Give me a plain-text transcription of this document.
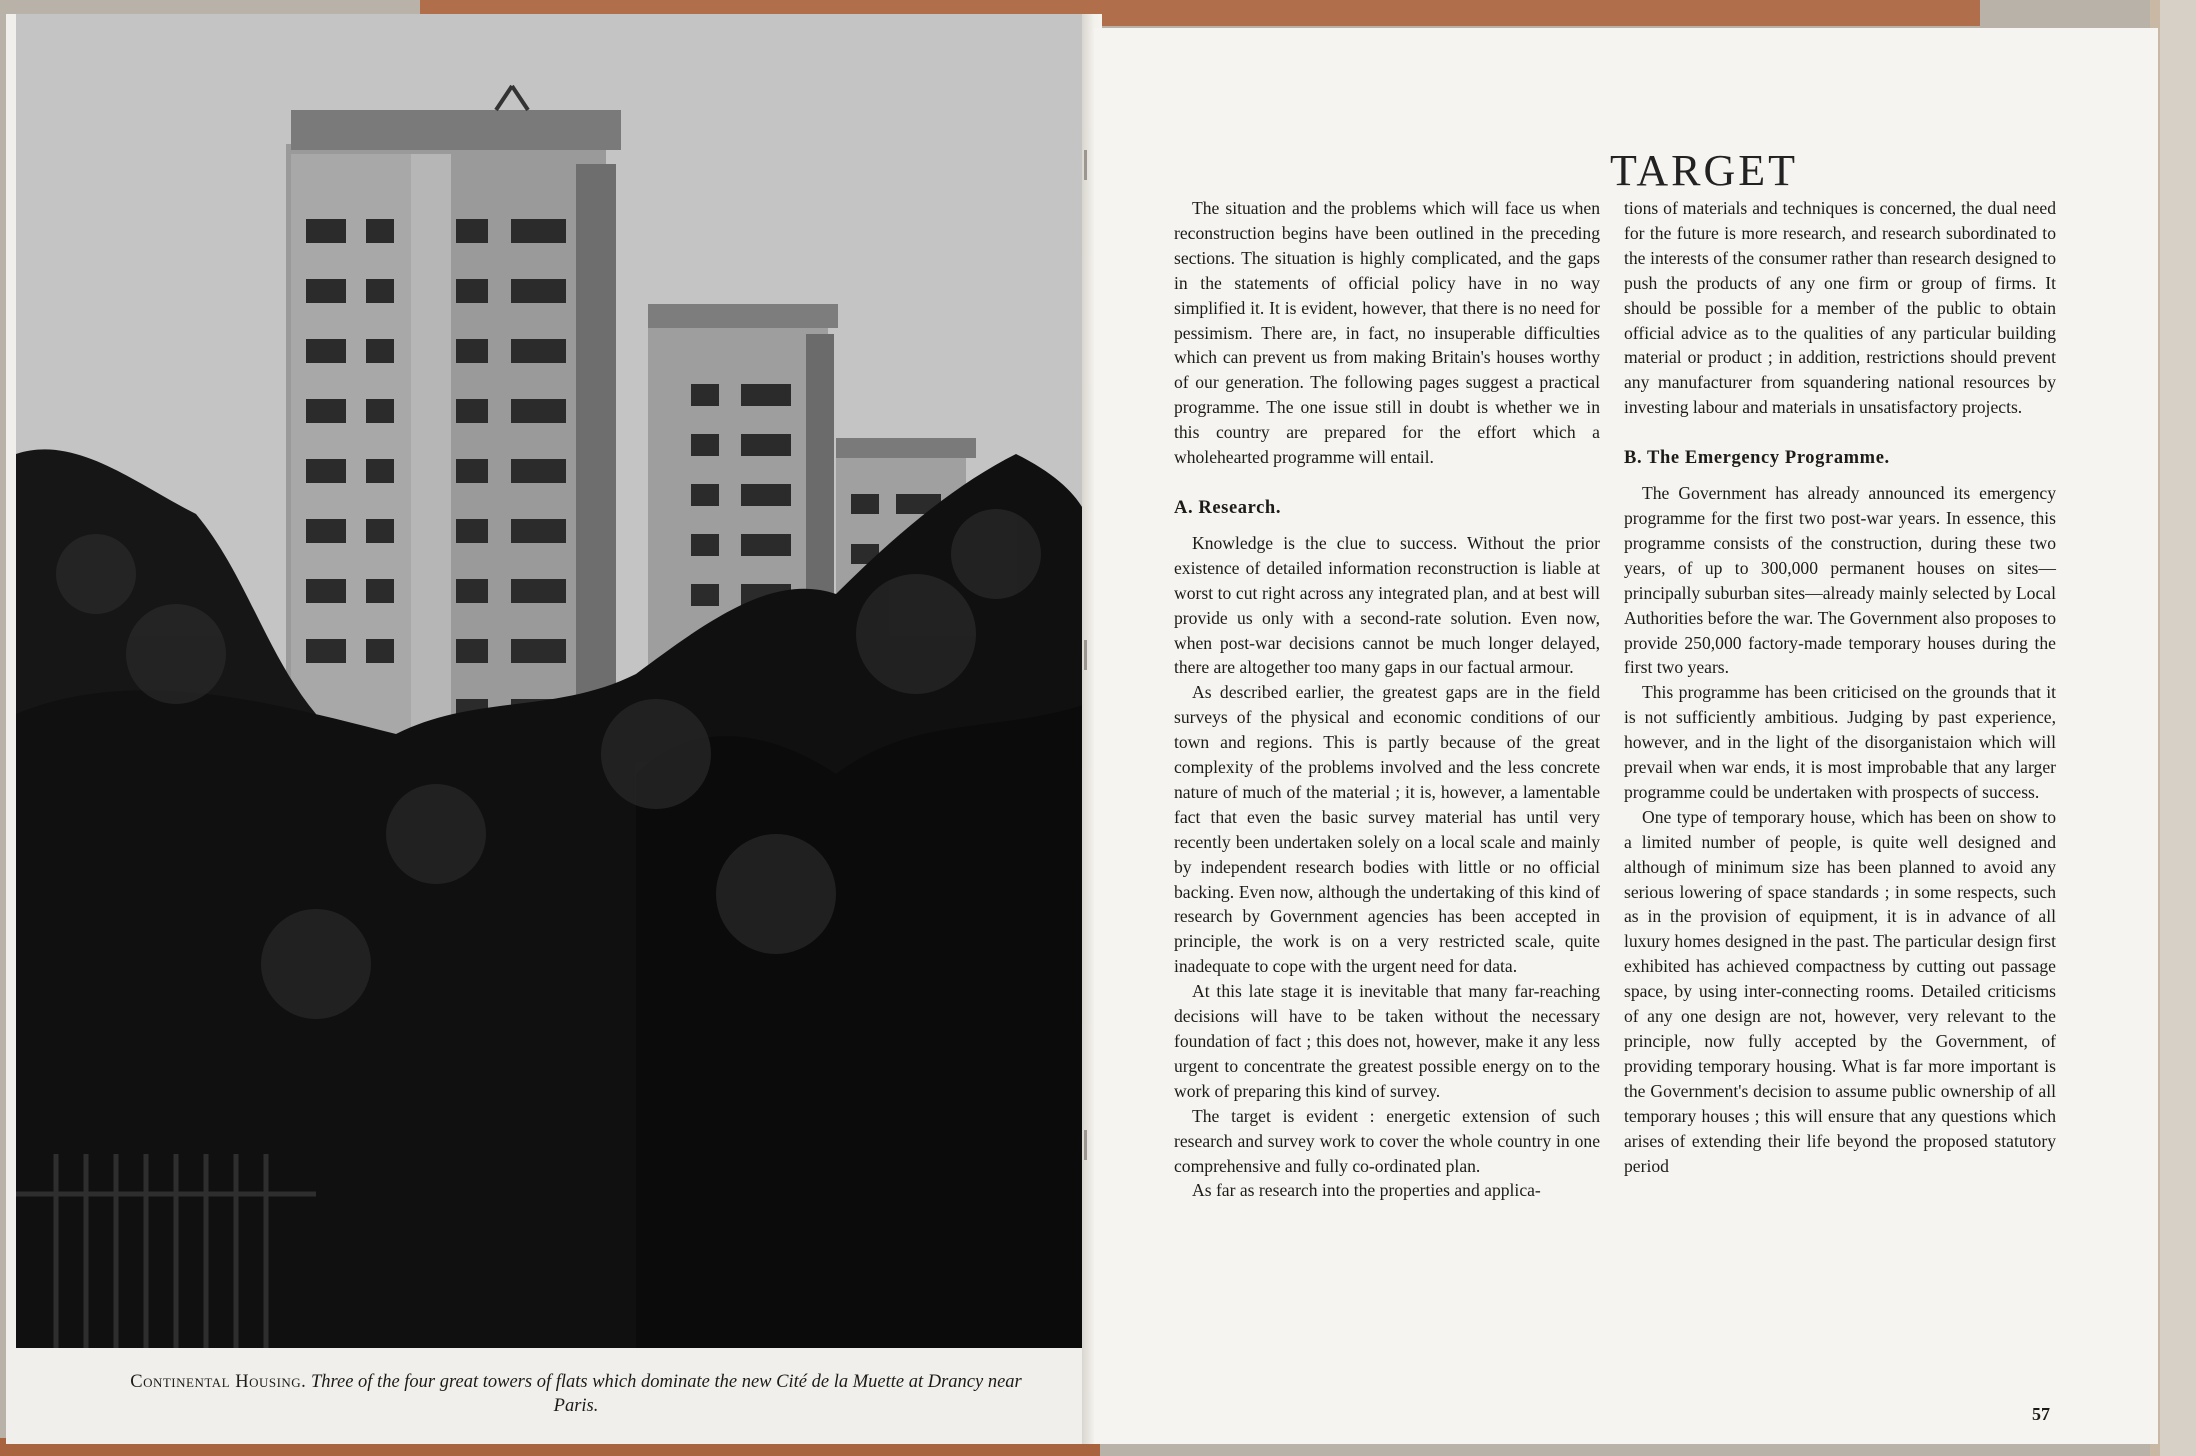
Continental Housing. Three of the four great towers of flats which dominate the new Cité de la Muette at Drancy near Paris.
TARGET

The situation and the problems which will face us when reconstruction begins have been outlined in the preceding sections. The situation is highly complicated, and the gaps in the statements of official policy have in no way simplified it. It is evident, however, that there is no need for pessimism. There are, in fact, no insuperable difficulties which can prevent us from making Britain's houses worthy of our generation. The following pages suggest a practical programme. The one issue still in doubt is whether we in this country are prepared for the effort which a wholehearted programme will entail.

A. Research.

Knowledge is the clue to success. Without the prior existence of detailed information reconstruction is liable at worst to cut right across any integrated plan, and at best will provide us only with a second-rate solution. Even now, when post-war decisions cannot be much longer delayed, there are altogether too many gaps in our factual armour.

As described earlier, the greatest gaps are in the field surveys of the physical and economic conditions of our town and regions. This is partly because of the great complexity of the problems involved and the less concrete nature of much of the material ; it is, however, a lamentable fact that even the basic survey material has until very recently been undertaken solely on a local scale and mainly by independent research bodies with little or no official backing. Even now, although the undertaking of this kind of research by Government agencies has been accepted in principle, the work is on a very restricted scale, quite inadequate to cope with the urgent need for data.

At this late stage it is inevitable that many far-reaching decisions will have to be taken without the necessary foundation of fact ; this does not, however, make it any less urgent to concentrate the greatest possible energy on to the work of preparing this kind of survey.

The target is evident : energetic extension of such research and survey work to cover the whole country in one comprehensive and fully co-ordinated plan.

As far as research into the properties and applica-

tions of materials and techniques is concerned, the dual need for the future is more research, and research subordinated to the interests of the consumer rather than research designed to push the products of any one firm or group of firms. It should be possible for a member of the public to obtain official advice as to the qualities of any particular building material or product ; in addition, restrictions should prevent any manufacturer from squandering national resources by investing labour and materials in unsatisfactory projects.

B. The Emergency Programme.

The Government has already announced its emergency programme for the first two post-war years. In essence, this programme consists of the construction, during these two years, of up to 300,000 permanent houses on sites—principally suburban sites—already mainly selected by Local Authorities before the war. The Government also proposes to provide 250,000 factory-made temporary houses during the first two years.

This programme has been criticised on the grounds that it is not sufficiently ambitious. Judging by past experience, however, and in the light of the disorganistaion which will prevail when war ends, it is most improbable that any larger programme could be undertaken with prospects of success.

One type of temporary house, which has been on show to a limited number of people, is quite well designed and although of minimum size has been planned to avoid any serious lowering of space standards ; in some respects, such as in the provision of equipment, it is in advance of all luxury homes designed in the past. The particular design first exhibited has achieved compactness by cutting out passage space, by using inter-connecting rooms. Detailed criticisms of any one design are not, however, very relevant to the principle, now fully accepted by the Government, of providing temporary housing. What is far more important is the Government's decision to assume public ownership of all temporary houses ; this will ensure that any questions which arises of extending their life beyond the proposed statutory period

57
